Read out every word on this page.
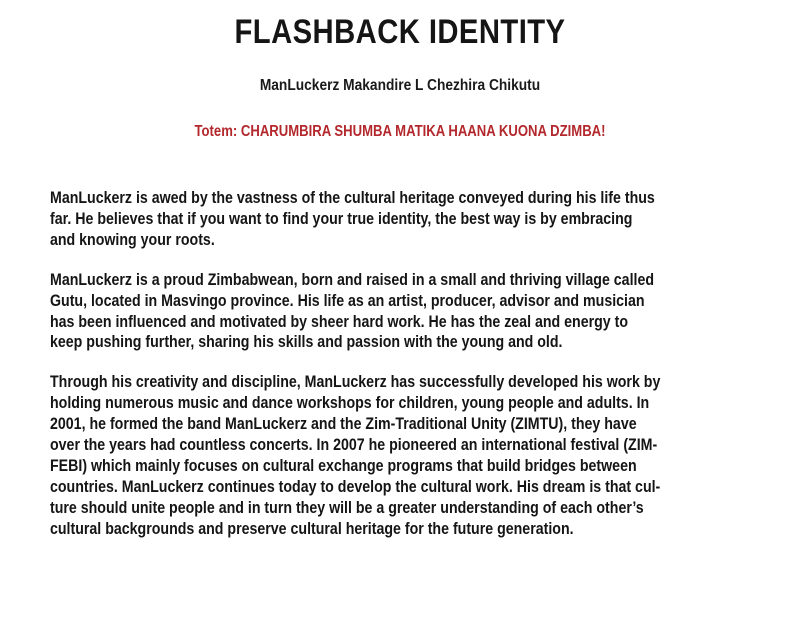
FLASHBACK IDENTITY
ManLuckerz Makandire L Chezhira Chikutu
Totem: CHARUMBIRA SHUMBA MATIKA HAANA KUONA DZIMBA!

ManLuckerz is awed by the vastness of the cultural heritage conveyed during his life thus
far. He believes that if you want to find your true identity, the best way is by embracing
and knowing your roots.

ManLuckerz is a proud Zimbabwean, born and raised in a small and thriving village called
Gutu, located in Masvingo province. His life as an artist, producer, advisor and musician
has been influenced and motivated by sheer hard work. He has the zeal and energy to
keep pushing further, sharing his skills and passion with the young and old.

Through his creativity and discipline, ManLuckerz has successfully developed his work by
holding numerous music and dance workshops for children, young people and adults. In
2001, he formed the band ManLuckerz and the Zim-Traditional Unity (ZIMTU), they have
over the years had countless concerts. In 2007 he pioneered an international festival (ZIM-
FEBI) which mainly focuses on cultural exchange programs that build bridges between
countries. ManLuckerz continues today to develop the cultural work. His dream is that cul-
ture should unite people and in turn they will be a greater understanding of each other’s
cultural backgrounds and preserve cultural heritage for the future generation.
